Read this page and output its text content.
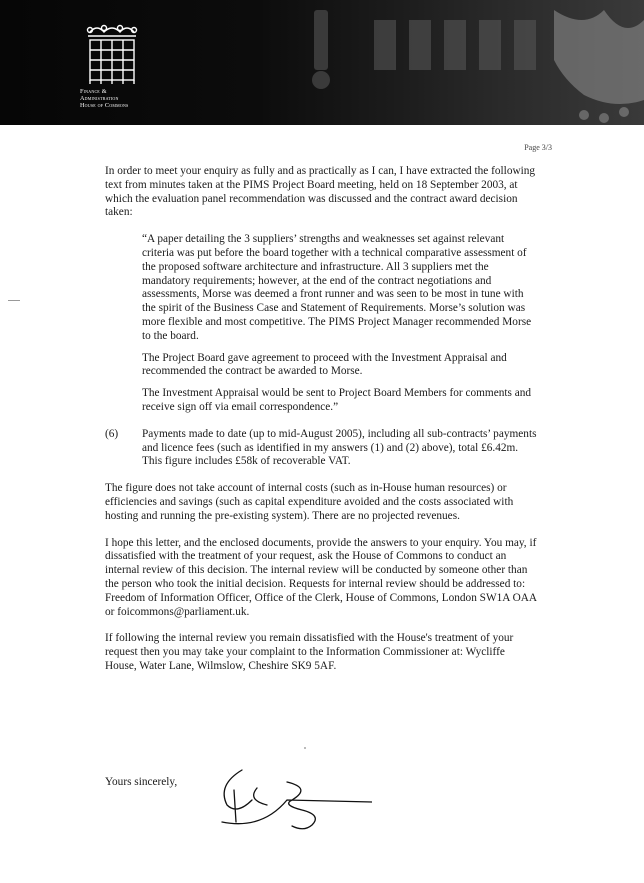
Finance &
Administration
House of Commons
Page 3/3

In order to meet your enquiry as fully and as practically as I can, I have extracted the following text from minutes taken at the PIMS Project Board meeting, held on 18 September 2003, at which the evaluation panel recommendation was discussed and the contract award decision taken:

“A paper detailing the 3 suppliers’ strengths and weaknesses set against relevant criteria was put before the board together with a technical comparative assessment of the proposed software architecture and infrastructure. All 3 suppliers met the mandatory requirements; however, at the end of the contract negotiations and assessments, Morse was deemed a front runner and was seen to be most in tune with the spirit of the Business Case and Statement of Requirements. Morse’s solution was more flexible and most competitive. The PIMS Project Manager recommended Morse to the board.

The Project Board gave agreement to proceed with the Investment Appraisal and recommended the contract be awarded to Morse.

The Investment Appraisal would be sent to Project Board Members for comments and receive sign off via email correspondence.”

(6)	Payments made to date (up to mid-August 2005), including all sub-contracts’ payments and licence fees (such as identified in my answers (1) and (2) above), total £6.42m. This figure includes £58k of recoverable VAT.

The figure does not take account of internal costs (such as in-House human resources) or efficiencies and savings (such as capital expenditure avoided and the costs associated with hosting and running the pre-existing system). There are no projected revenues.

I hope this letter, and the enclosed documents, provide the answers to your enquiry. You may, if dissatisfied with the treatment of your request, ask the House of Commons to conduct an internal review of this decision. The internal review will be conducted by someone other than the person who took the initial decision. Requests for internal review should be addressed to: Freedom of Information Officer, Office of the Clerk, House of Commons, London SW1A OAA or foicommons@parliament.uk.

If following the internal review you remain dissatisfied with the House's treatment of your request then you may take your complaint to the Information Commissioner at: Wycliffe House, Water Lane, Wilmslow, Cheshire SK9 5AF.

Yours sincerely,
